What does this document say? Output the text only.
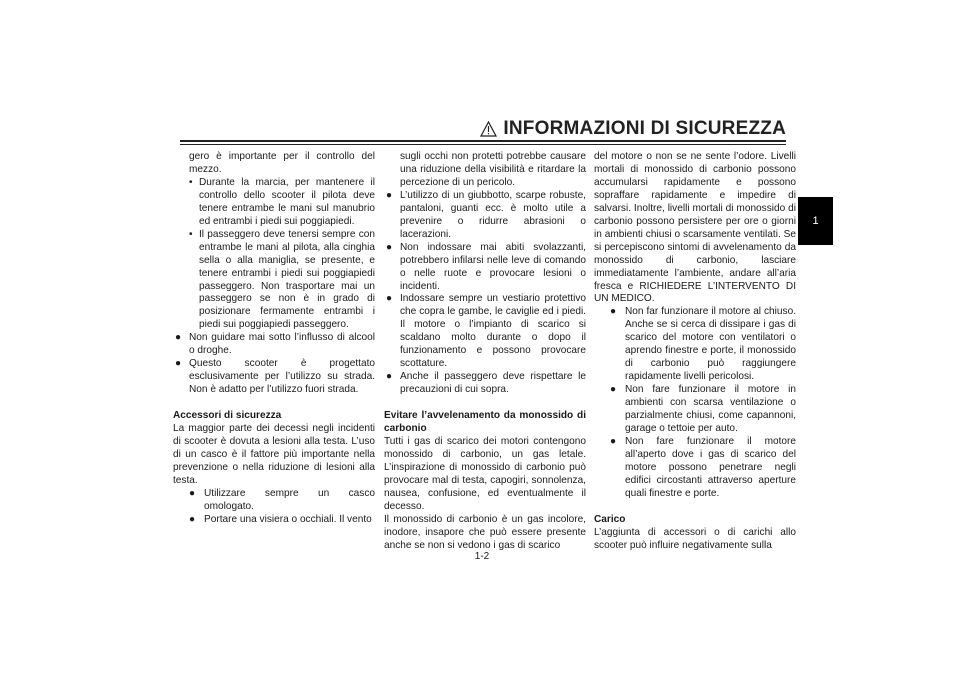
INFORMAZIONI DI SICUREZZA
1

gero è importante per il controllo del mezzo.

• Durante la marcia, per mantenere il controllo dello scooter il pilota deve tenere entrambe le mani sul manubrio ed entrambi i piedi sui poggiapiedi.
• Il passeggero deve tenersi sempre con entrambe le mani al pilota, alla cinghia sella o alla maniglia, se presente, e tenere entrambi i piedi sui poggiapiedi passeggero. Non trasportare mai un passeggero se non è in grado di posizionare fermamente entrambi i piedi sui poggiapiedi passeggero.
● Non guidare mai sotto l’influsso di alcool o droghe.
● Questo scooter è progettato esclusivamente per l’utilizzo su strada. Non è adatto per l’utilizzo fuori strada.

Accessori di sicurezza

La maggior parte dei decessi negli incidenti di scooter è dovuta a lesioni alla testa. L’uso di un casco è il fattore più importante nella prevenzione o nella riduzione di lesioni alla testa.

● Utilizzare sempre un casco omologato.
● Portare una visiera o occhiali. Il vento

sugli occhi non protetti potrebbe causare una riduzione della visibilità e ritardare la percezione di un pericolo.

● L’utilizzo di un giubbotto, scarpe robuste, pantaloni, guanti ecc. è molto utile a prevenire o ridurre abrasioni o lacerazioni.
● Non indossare mai abiti svolazzanti, potrebbero infilarsi nelle leve di comando o nelle ruote e provocare lesioni o incidenti.
● Indossare sempre un vestiario protettivo che copra le gambe, le caviglie ed i piedi. Il motore o l’impianto di scarico si scaldano molto durante o dopo il funzionamento e possono provocare scottature.
● Anche il passeggero deve rispettare le precauzioni di cui sopra.

Evitare l’avvelenamento da monossido di carbonio

Tutti i gas di scarico dei motori contengono monossido di carbonio, un gas letale. L’inspirazione di monossido di carbonio può provocare mal di testa, capogiri, sonnolenza, nausea, confusione, ed eventualmente il decesso.

Il monossido di carbonio è un gas incolore, inodore, insapore che può essere presente anche se non si vedono i gas di scarico

del motore o non se ne sente l’odore. Livelli mortali di monossido di carbonio possono accumularsi rapidamente e possono sopraffare rapidamente e impedire di salvarsi. Inoltre, livelli mortali di monossido di carbonio possono persistere per ore o giorni in ambienti chiusi o scarsamente ventilati. Se si percepiscono sintomi di avvelenamento da monossido di carbonio, lasciare immediatamente l’ambiente, andare all’aria fresca e RICHIEDERE L’INTERVENTO DI UN MEDICO.

● Non far funzionare il motore al chiuso. Anche se si cerca di dissipare i gas di scarico del motore con ventilatori o aprendo finestre e porte, il monossido di carbonio può raggiungere rapidamente livelli pericolosi.
● Non fare funzionare il motore in ambienti con scarsa ventilazione o parzialmente chiusi, come capannoni, garage o tettoie per auto.
● Non fare funzionare il motore all’aperto dove i gas di scarico del motore possono penetrare negli edifici circostanti attraverso aperture quali finestre e porte.

Carico

L’aggiunta di accessori o di carichi allo scooter può influire negativamente sulla

1-2
